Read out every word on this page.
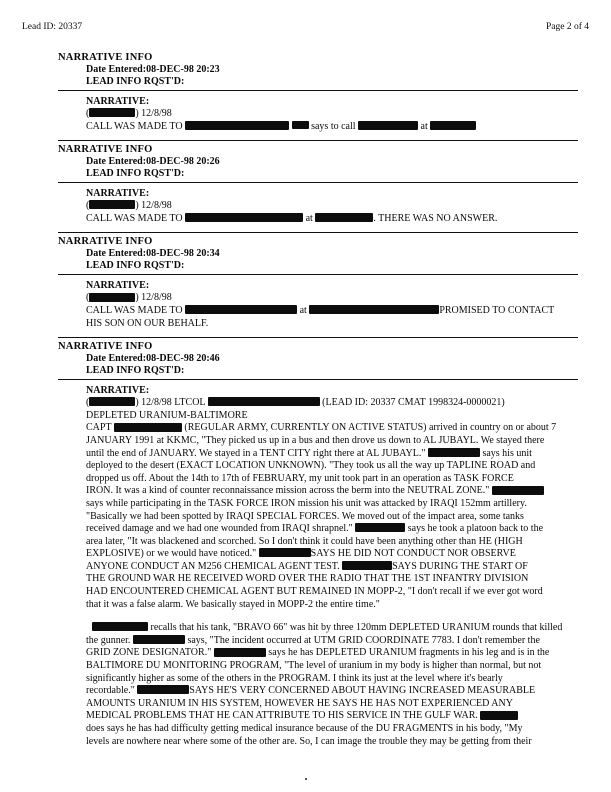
Lead ID: 20337	Page 2 of 4
NARRATIVE INFO
Date Entered:08-DEC-98 20:23
LEAD INFO RQST'D:
NARRATIVE:
(	) 12/8/98
CALL WAS MADE TO	says to call	at
NARRATIVE INFO
Date Entered:08-DEC-98 20:26
LEAD INFO RQST'D:
NARRATIVE:
(	) 12/8/98
CALL WAS MADE TO	at	. THERE WAS NO ANSWER.
NARRATIVE INFO
Date Entered:08-DEC-98 20:34
LEAD INFO RQST'D:
NARRATIVE:
(	) 12/8/98
CALL WAS MADE TO	at	PROMISED TO CONTACT
HIS SON ON OUR BEHALF.
NARRATIVE INFO
Date Entered:08-DEC-98 20:46
LEAD INFO RQST'D:
NARRATIVE:
(	) 12/8/98 LTCOL	(LEAD ID: 20337 CMAT 1998324-0000021)
DEPLETED URANIUM-BALTIMORE
CAPT	(REGULAR ARMY, CURRENTLY ON ACTIVE STATUS) arrived in country on or about 7
JANUARY 1991 at KKMC, "They picked us up in a bus and then drove us down to AL JUBAYL. We stayed there
until the end of JANUARY. We stayed in a TENT CITY right there at AL JUBAYL."	says his unit
deployed to the desert (EXACT LOCATION UNKNOWN). "They took us all the way up TAPLINE ROAD and
dropped us off. About the 14th to 17th of FEBRUARY, my unit took part in an operation as TASK FORCE
IRON. It was a kind of counter reconnaissance mission across the berm into the NEUTRAL ZONE."
says while participating in the TASK FORCE IRON mission his unit was attacked by IRAQI 152mm artillery.
"Basically we had been spotted by IRAQI SPECIAL FORCES. We moved out of the impact area, some tanks
received damage and we had one wounded from IRAQI shrapnel."	says he took a platoon back to the
area later, "It was blackened and scorched. So I don't think it could have been anything other than HE (HIGH
EXPLOSIVE) or we would have noticed."	SAYS HE DID NOT CONDUCT NOR OBSERVE
ANYONE CONDUCT AN M256 CHEMICAL AGENT TEST.	SAYS DURING THE START OF
THE GROUND WAR HE RECEIVED WORD OVER THE RADIO THAT THE 1ST INFANTRY DIVISION
HAD ENCOUNTERED CHEMICAL AGENT BUT REMAINED IN MOPP-2, "I don't recall if we ever got word
that it was a false alarm. We basically stayed in MOPP-2 the entire time."
recalls that his tank, "BRAVO 66" was hit by three 120mm DEPLETED URANIUM rounds that killed
the gunner.	says, "The incident occurred at UTM GRID COORDINATE 7783. I don't remember the
GRID ZONE DESIGNATOR."	says he has DEPLETED URANIUM fragments in his leg and is in the
BALTIMORE DU MONITORING PROGRAM, "The level of uranium in my body is higher than normal, but not
significantly higher as some of the others in the PROGRAM. I think its just at the level where it's bearly
recordable."	SAYS HE'S VERY CONCERNED ABOUT HAVING INCREASED MEASURABLE
AMOUNTS URANIUM IN HIS SYSTEM, HOWEVER HE SAYS HE HAS NOT EXPERIENCED ANY
MEDICAL PROBLEMS THAT HE CAN ATTRIBUTE TO HIS SERVICE IN THE GULF WAR.
does says he has had difficulty getting medical insurance because of the DU FRAGMENTS in his body, "My
levels are nowhere near where some of the other are. So, I can image the trouble they may be getting from their
